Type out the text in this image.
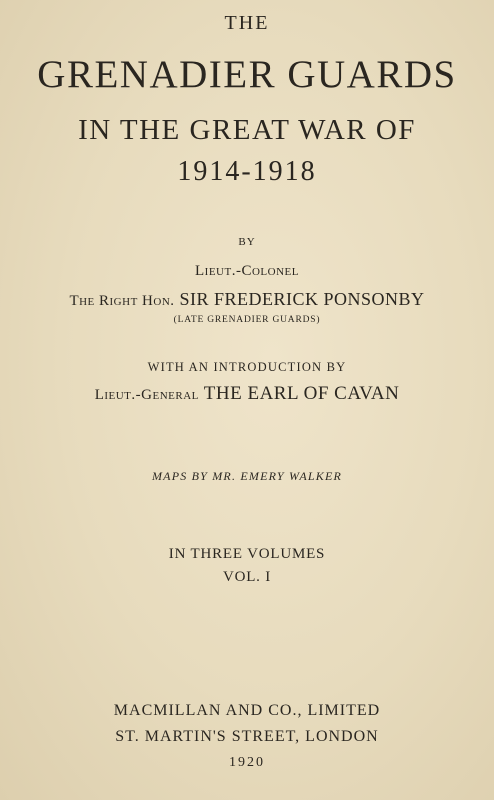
THE
GRENADIER GUARDS
IN THE GREAT WAR OF
1914-1918
BY
Lieut.-Colonel
The Right Hon. SIR FREDERICK PONSONBY
(LATE GRENADIER GUARDS)
WITH AN INTRODUCTION BY
Lieut.-General THE EARL OF CAVAN
MAPS BY MR. EMERY WALKER
IN THREE VOLUMES
VOL. I
MACMILLAN AND CO., LIMITED
ST. MARTIN'S STREET, LONDON
1920
